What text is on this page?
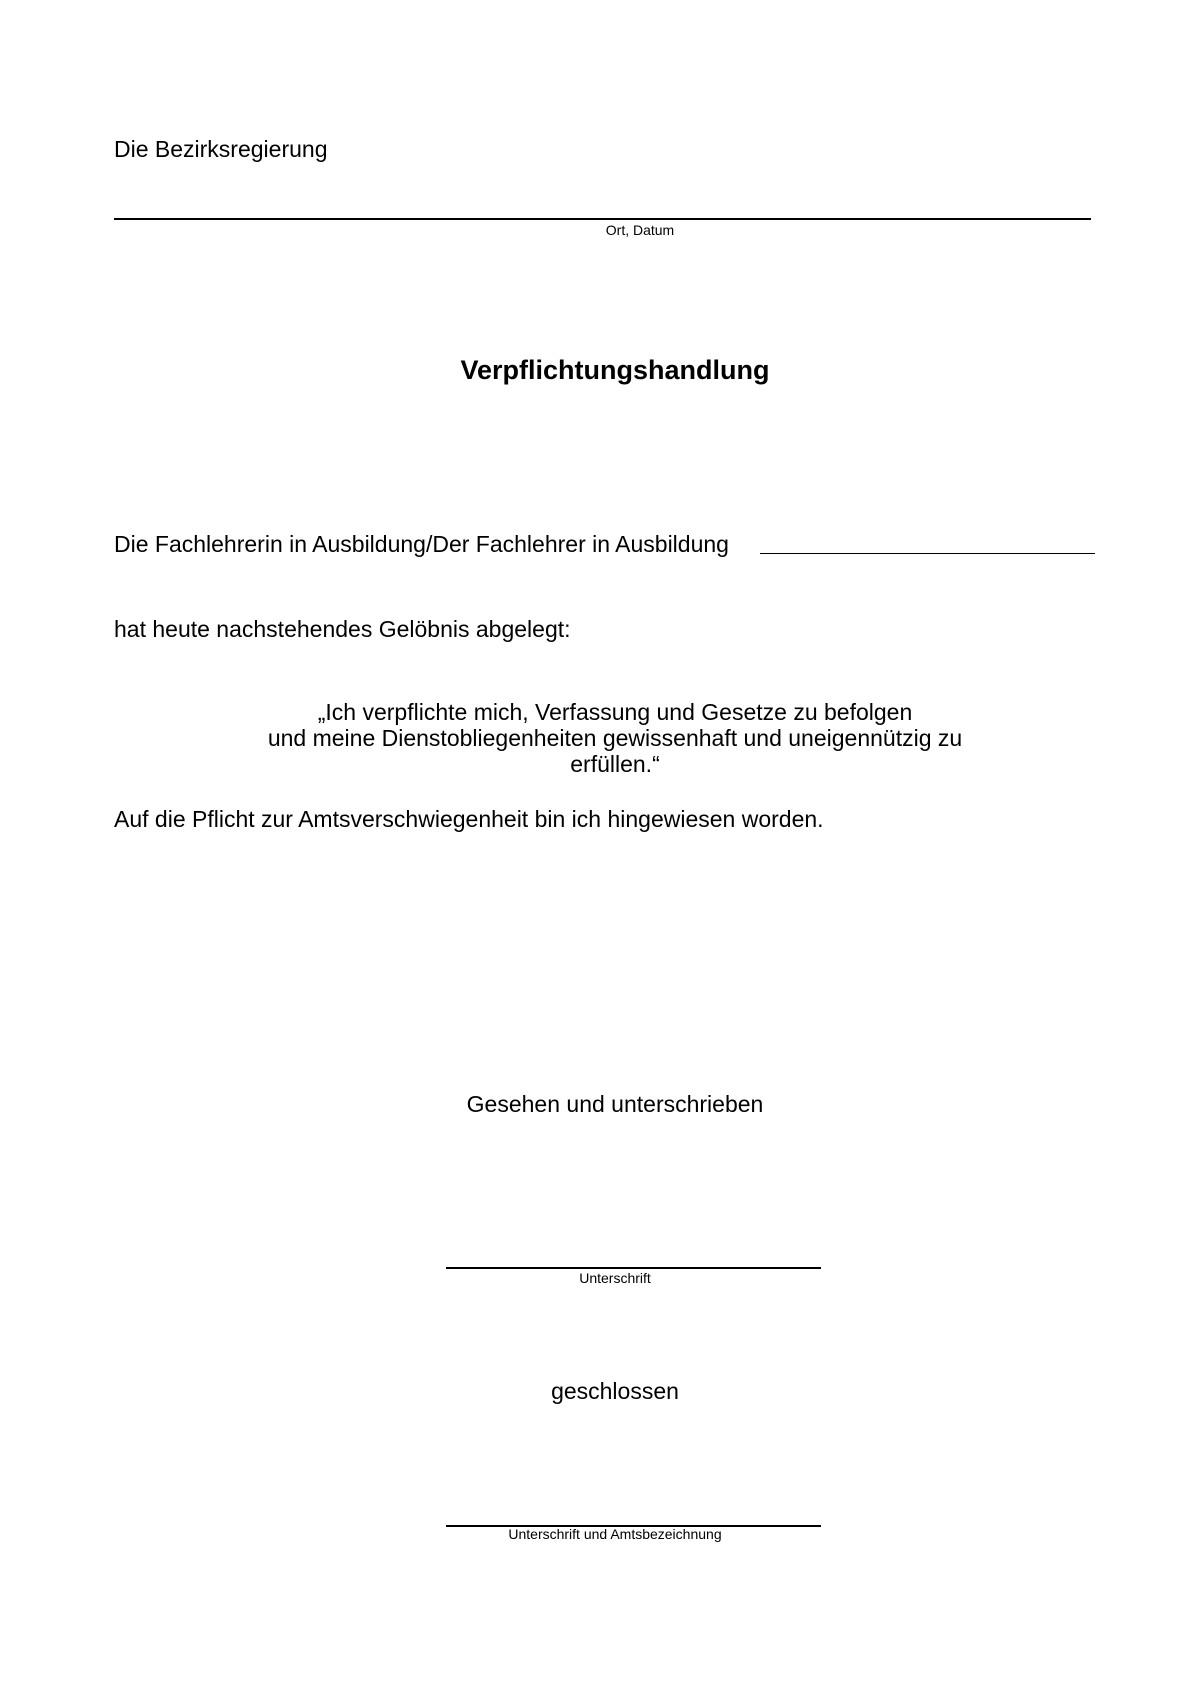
Die Bezirksregierung
Ort, Datum
Verpflichtungshandlung
Die Fachlehrerin in Ausbildung/Der Fachlehrer in Ausbildung
hat heute nachstehendes Gelöbnis abgelegt:
„Ich verpflichte mich, Verfassung und Gesetze zu befolgen
und meine Dienstobliegenheiten gewissenhaft und uneigennützig zu
erfüllen.“
Auf die Pflicht zur Amtsverschwiegenheit bin ich hingewiesen worden.
Gesehen und unterschrieben
Unterschrift
geschlossen
Unterschrift und Amtsbezeichnung
